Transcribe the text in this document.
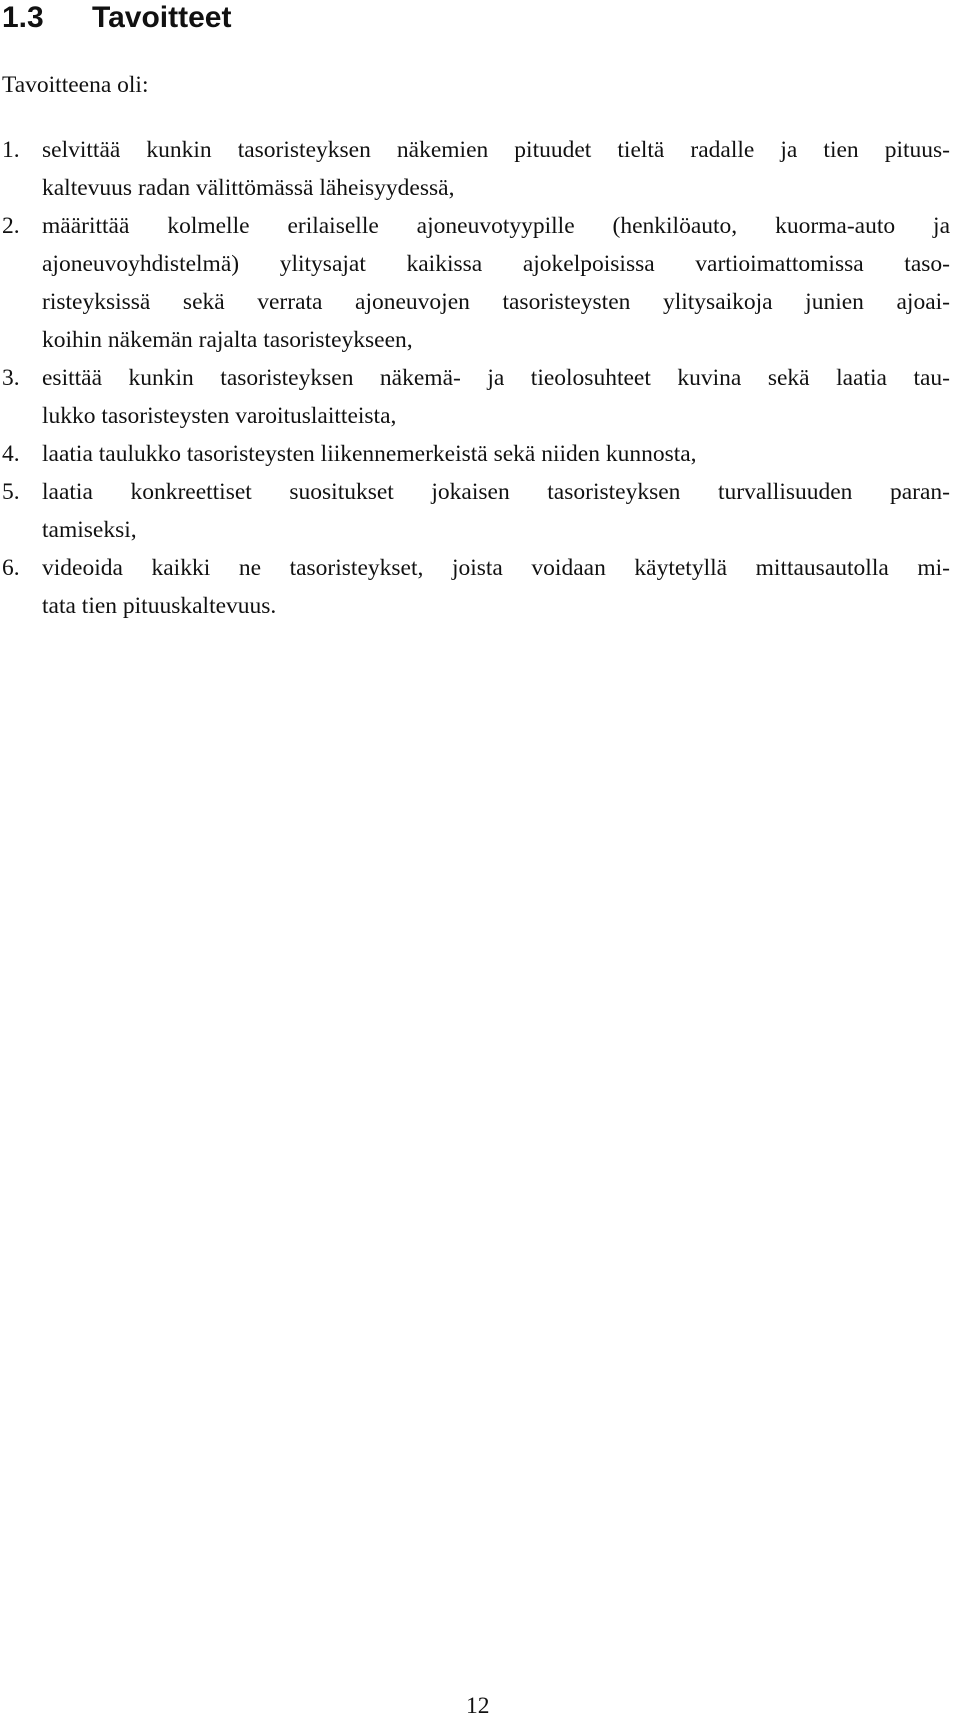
1.3 Tavoitteet

Tavoitteena oli:

1. selvittää kunkin tasoristeyksen näkemien pituudet tieltä radalle ja tien pituus-
kaltevuus radan välittömässä läheisyydessä,
2. määrittää kolmelle erilaiselle ajoneuvotyypille (henkilöauto, kuorma-auto ja
ajoneuvoyhdistelmä) ylitysajat kaikissa ajokelpoisissa vartioimattomissa taso-
risteyksissä sekä verrata ajoneuvojen tasoristeysten ylitysaikoja junien ajoai-
koihin näkemän rajalta tasoristeykseen,
3. esittää kunkin tasoristeyksen näkemä- ja tieolosuhteet kuvina sekä laatia tau-
lukko tasoristeysten varoituslaitteista,
4. laatia taulukko tasoristeysten liikennemerkeistä sekä niiden kunnosta,
5. laatia konkreettiset suositukset jokaisen tasoristeyksen turvallisuuden paran-
tamiseksi,
6. videoida kaikki ne tasoristeykset, joista voidaan käytetyllä mittausautolla mi-
tata tien pituuskaltevuus.
12
